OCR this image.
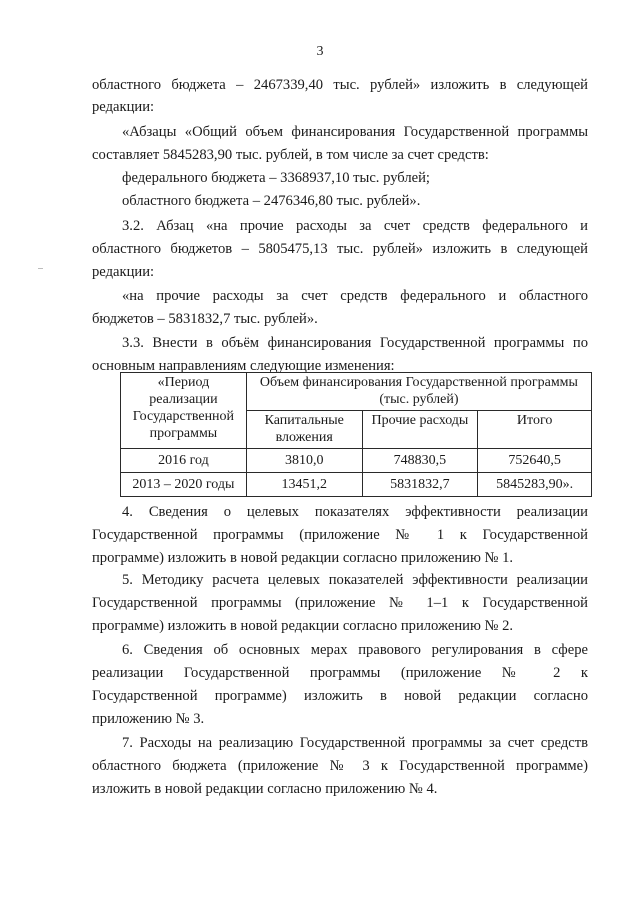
3
областного бюджета – 2467339,40 тыс. рублей» изложить в следующей
редакции:
«Абзацы «Общий объем финансирования Государственной программы
составляет 5845283,90 тыс. рублей, в том числе за счет средств:
федерального бюджета – 3368937,10 тыс. рублей;
областного бюджета – 2476346,80 тыс. рублей».
3.2. Абзац «на прочие расходы за счет средств федерального и
областного бюджетов – 5805475,13 тыс. рублей» изложить в следующей
редакции:
«на прочие расходы за счет средств федерального и областного
бюджетов – 5831832,7 тыс. рублей».
3.3. Внести в объём финансирования Государственной программы по
основным направлениям следующие изменения:
«Период реализации Государственной программы	Объем финансирования Государственной программы (тыс. рублей)		
	Капитальные вложения	Прочие расходы	Итого
2016 год	3810,0	748830,5	752640,5
2013 – 2020 годы	13451,2	5831832,7	5845283,90».
4. Сведения о целевых показателях эффективности реализации
Государственной программы (приложение № 1 к Государственной
программе) изложить в новой редакции согласно приложению № 1.
5. Методику расчета целевых показателей эффективности реализации
Государственной программы (приложение № 1–1 к Государственной
программе) изложить в новой редакции согласно приложению № 2.
6. Сведения об основных мерах правового регулирования в сфере
реализации Государственной программы (приложение № 2 к
Государственной программе) изложить в новой редакции согласно
приложению № 3.
7. Расходы на реализацию Государственной программы за счет средств
областного бюджета (приложение № 3 к Государственной программе)
изложить в новой редакции согласно приложению № 4.
